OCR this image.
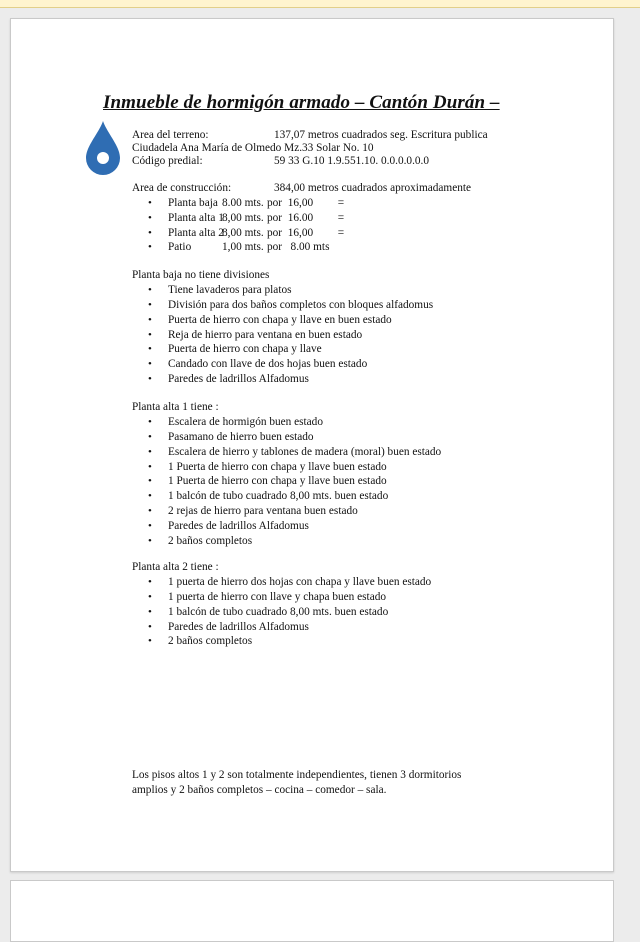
Inmueble de hormigón armado – Cantón Durán –
Area del terreno:	137,07 metros cuadrados seg. Escritura publica
Ciudadela Ana María de Olmedo Mz.33 Solar No. 10
Código predial:	59 33 G.10 1.9.551.10. 0.0.0.0.0.0
Area de construcción:	384,00 metros cuadrados aproximadamente
• Planta baja 8.00 mts. por 16,00 =
• Planta alta 18,00 mts. por 16.00 =
• Planta alta 28,00 mts. por 16,00 =
• Patio	1,00 mts. por 8.00 mts
Planta baja no tiene divisiones
• Tiene lavaderos para platos
• División para dos baños completos con bloques alfadomus
• Puerta de hierro con chapa y llave en buen estado
• Reja de hierro para ventana en buen estado
• Puerta de hierro con chapa y llave
• Candado con llave de dos hojas buen estado
• Paredes de ladrillos Alfadomus
Planta alta 1 tiene :
• Escalera de hormigón buen estado
• Pasamano de hierro buen estado
• Escalera de hierro y tablones de madera (moral) buen estado
• 1 Puerta de hierro con chapa y llave buen estado
• 1 Puerta de hierro con chapa y llave buen estado
• 1 balcón de tubo cuadrado 8,00 mts. buen estado
• 2 rejas de hierro para ventana buen estado
• Paredes de ladrillos Alfadomus
• 2 baños completos
Planta alta 2 tiene :
• 1 puerta de hierro dos hojas con chapa y llave buen estado
• 1 puerta de hierro con llave y chapa buen estado
• 1 balcón de tubo cuadrado 8,00 mts. buen estado
• Paredes de ladrillos Alfadomus
• 2 baños completos
Los pisos altos 1 y 2 son totalmente independientes, tienen 3 dormitorios
amplios y 2 baños completos – cocina – comedor – sala.
